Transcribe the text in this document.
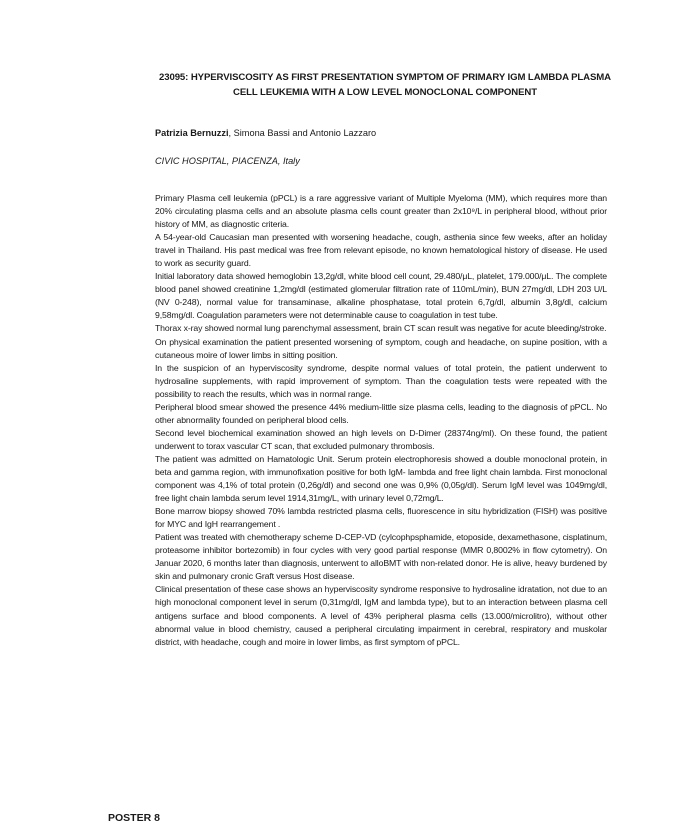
23095: HYPERVISCOSITY AS FIRST PRESENTATION SYMPTOM OF PRIMARY IGM LAMBDA PLASMA CELL LEUKEMIA WITH A LOW LEVEL MONOCLONAL COMPONENT
Patrizia Bernuzzi, Simona Bassi and Antonio Lazzaro
CIVIC HOSPITAL, PIACENZA, Italy

Primary Plasma cell leukemia (pPCL) is a rare aggressive variant of Multiple Myeloma (MM), which requires more than 20% circulating plasma cells and an absolute plasma cells count greater than 2x10⁹/L in peripheral blood, without prior history of MM, as diagnostic criteria.

A 54-year-old Caucasian man presented with worsening headache, cough, asthenia since few weeks, after an holiday travel in Thailand. His past medical was free from relevant episode, no known hematological history of disease. He used to work as security guard.

Initial laboratory data showed hemoglobin 13,2g/dl, white blood cell count, 29.480/μL, platelet, 179.000/μL. The complete blood panel showed creatinine 1,2mg/dl (estimated glomerular filtration rate of 110mL/min), BUN 27mg/dl, LDH 203 U/L (NV 0-248), normal value for transaminase, alkaline phosphatase, total protein 6,7g/dl, albumin 3,8g/dl, calcium 9,58mg/dl. Coagulation parameters were not determinable cause to coagulation in test tube.

Thorax x-ray showed normal lung parenchymal assessment, brain CT scan result was negative for acute bleeding/stroke.

On physical examination the patient presented worsening of symptom, cough and headache, on supine position, with a cutaneous moire of lower limbs in sitting position.

In the suspicion of an hyperviscosity syndrome, despite normal values of total protein, the patient underwent to hydrosaline supplements, with rapid improvement of symptom. Than the coagulation tests were repeated with the possibility to reach the results, which was in normal range.

Peripheral blood smear showed the presence 44% medium-little size plasma cells, leading to the diagnosis of pPCL. No other abnormality founded on peripheral blood cells.

Second level biochemical examination showed an high levels on D-Dimer (28374ng/ml). On these found, the patient underwent to torax vascular CT scan, that excluded pulmonary thrombosis.

The patient was admitted on Hamatologic Unit. Serum protein electrophoresis showed a double monoclonal protein, in beta and gamma region, with immunofixation positive for both IgM- lambda and free light chain lambda. First monoclonal component was 4,1% of total protein (0,26g/dl) and second one was 0,9% (0,05g/dl). Serum IgM level was 1049mg/dl, free light chain lambda serum level 1914,31mg/L, with urinary level 0,72mg/L.

Bone marrow biopsy showed 70% lambda restricted plasma cells, fluorescence in situ hybridization (FISH) was positive for MYC and IgH rearrangement .

Patient was treated with chemotherapy scheme D-CEP-VD (cylcophpsphamide, etoposide, dexamethasone, cisplatinum, proteasome inhibitor bortezomib) in four cycles with very good partial response (MMR 0,8002% in flow cytometry). On Januar 2020, 6 months later than diagnosis, unterwent to alloBMT with non-related donor. He is alive, heavy burdened by skin and pulmonary cronic Graft versus Host disease.

Clinical presentation of these case shows an hyperviscosity syndrome responsive to hydrosaline idratation, not due to an high monoclonal component level in serum (0,31mg/dl, IgM and lambda type), but to an interaction between plasma cell antigens surface and blood components. A level of 43% peripheral plasma cells (13.000/microlitro), without other abnormal value in blood chemistry, caused a peripheral circulating impairment in cerebral, respiratory and muskolar district, with headache, cough and moire in lower limbs, as first symptom of pPCL.

POSTER 8
